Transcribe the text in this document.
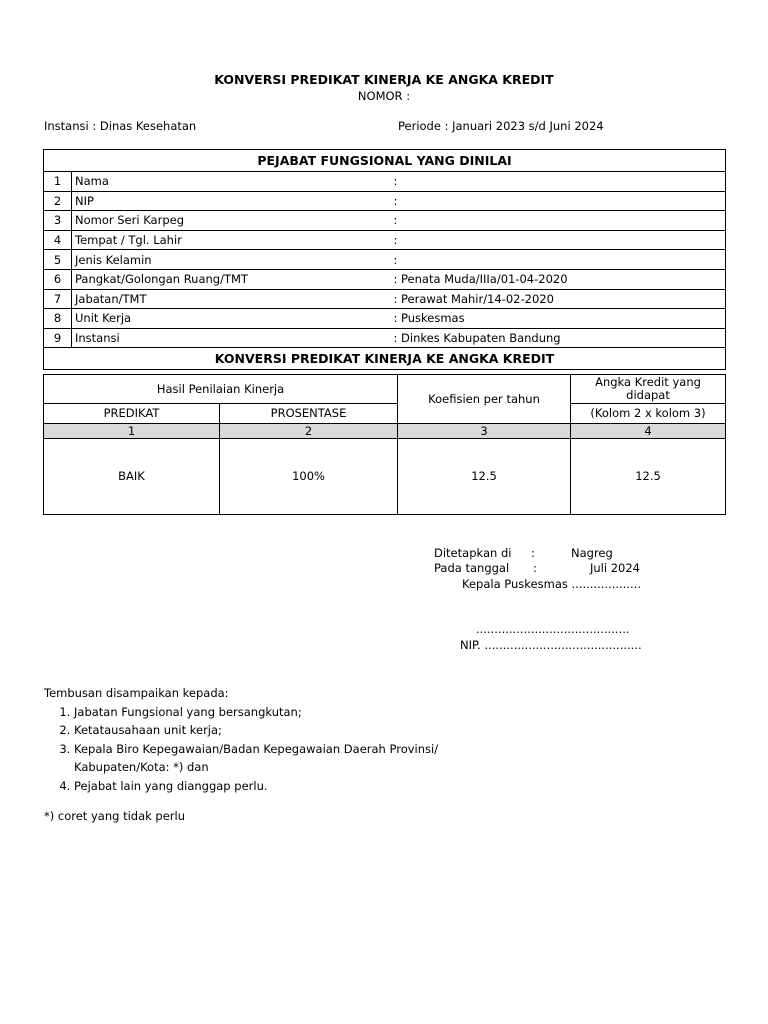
KONVERSI PREDIKAT KINERJA KE ANGKA KREDIT
NOMOR :
Instansi : Dinas Kesehatan	Periode : Januari 2023 s/d Juni 2024
PEJABAT FUNGSIONAL YANG DINILAI		
1	Nama	:
2	NIP	:
3	Nomor Seri Karpeg	:
4	Tempat / Tgl. Lahir	:
5	Jenis Kelamin	:
6	Pangkat/Golongan Ruang/TMT	: Penata Muda/IIIa/01-04-2020
7	Jabatan/TMT	: Perawat Mahir/14-02-2020
8	Unit Kerja	: Puskesmas
9	Instansi	: Dinkes Kabupaten Bandung
KONVERSI PREDIKAT KINERJA KE ANGKA KREDIT		
Hasil Penilaian Kinerja		Koefisien per tahun	Angka Kredit yang didapat
PREDIKAT	PROSENTASE		(Kolom 2 x kolom 3)
1	2	3	4
BAIK	100%	12.5	12.5
Ditetapkan di :	Nagreg
Pada tanggal :	Juli 2024
Kepala Puskesmas ...................
..........................................
NIP. ...........................................
Tembusan disampaikan kepada:
1. Jabatan Fungsional yang bersangkutan;
2. Ketatausahaan unit kerja;
3. Kepala Biro Kepegawaian/Badan Kepegawaian Daerah Provinsi/ Kabupaten/Kota: *) dan
4. Pejabat lain yang dianggap perlu.
*) coret yang tidak perlu
